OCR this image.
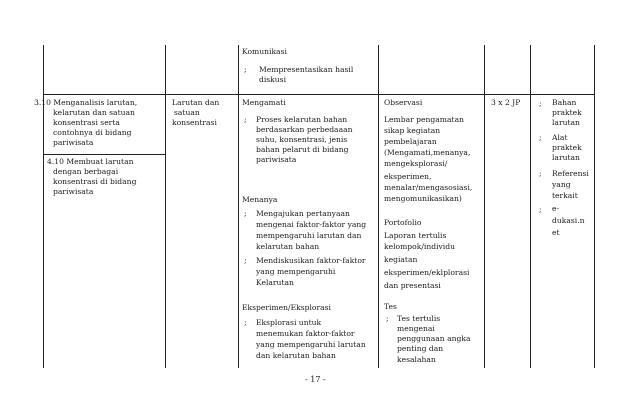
Komunikasi
; Mempresentasikan hasil
diskusi
3.10 Menganalisis larutan,
kelarutan dan satuan
konsentrasi serta
contohnya di bidang
pariwisata
4.10 Membuat larutan
dengan berbagai
konsentrasi di bidang
pariwisata
Larutan dan
satuan
konsentrasi
Mengamati
; Proses kelarutan bahan
berdasarkan perbedaaan
suhu, konsentrasi, jenis
bahan pelarut di bidang
pariwisata
Menanya
; Mengajukan pertanyaan
mengenai faktor-faktor yang
mempengaruhi larutan dan
kelarutan bahan
; Mendiskusikan faktor-faktor
yang mempengaruhi
Kelarutan
Eksperimen/Eksplorasi
; Eksplorasi untuk
menemukan faktor-faktor
yang mempengaruhi larutan
dan kelarutan bahan
Observasi
Lembar pengamatan
sikap kegiatan
pembelajaran
(Mengamati,menanya,
mengeksplorasi/
eksperimen,
menalar/mengasosiasi,
mengomunikasikan)
Portofolio
Laporan tertulis
kelompok/individu
kegiatan
eksperimen/eklplorasi
dan presentasi
Tes
; Tes tertulis
mengenai
penggunaan angka
penting dan
kesalahan
3 x 2 JP ; Bahan
praktek
larutan
; Alat
praktek
larutan
; Referensi
yang
terkait
; e-
dukasi.n
et
- 17 -
